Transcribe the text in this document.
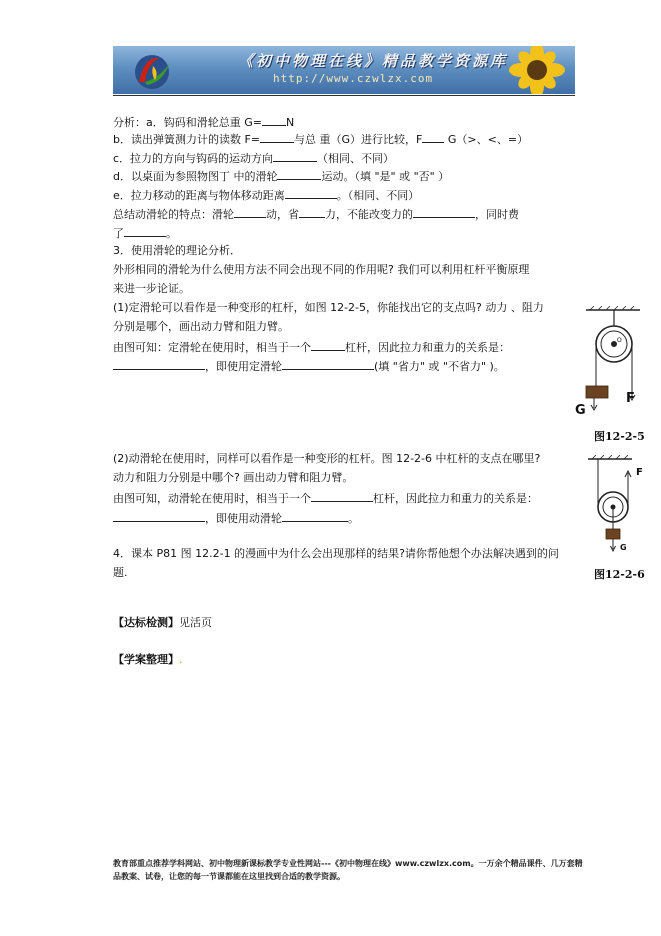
《初中物理在线》精品教学资源库
http://www.czwlzx.com
分析：a．钩码和滑轮总重 G= N
b．读出弹簧测力计的读数 F=	与总 重（G）进行比较，F G（>、<、=）
c．拉力的方向与钩码的运动方向	（相同、不同）
d．以桌面为参照物图丁 中的滑轮	运动。（填 "是" 或 "否" ）
e．拉力移动的距离与物体移动距离	。（相同、不同）
总结动滑轮的特点：滑轮	动，省 力，不能改变力的	，同时费
了	。
3．使用滑轮的理论分析．
外形相同的滑轮为什么使用方法不同会出现不同的作用呢? 我们可以利用杠杆平衡原理
来进一步论证。
(1)定滑轮可以看作是一种变形的杠杆，如图 12-2-5，你能找出它的支点吗? 动力 、阻力
分别是哪个，画出动力臂和阻力臂。
由图可知：定滑轮在使用时，相当于一个	杠杆，因此拉力和重力的关系是：
，即使用定滑轮	(填 "省力" 或 "不省力" )。
O
G
F
图12-2-5
(2)动滑轮在使用时，同样可以看作是一种变形的杠杆。图 12-2-6 中杠杆的支点在哪里?
动力和阻力分别是中哪个? 画出动力臂和阻力臂。
由图可知，动滑轮在使用时，相当于一个	杠杆，因此拉力和重力的关系是：
，即使用动滑轮	。
F
G
图12-2-6
4．课本 P81 图 12.2-1 的漫画中为什么会出现那样的结果?请你帮他想个办法解决遇到的问
题.
【达标检测】见活页
【学案整理】.
教育部重点推荐学科网站、初中物理新课标教学专业性网站---《初中物理在线》www.czwlzx.com。一万余个精品课件、几万套精品教案、试卷，让您的每一节课都能在这里找到合适的教学资源。
